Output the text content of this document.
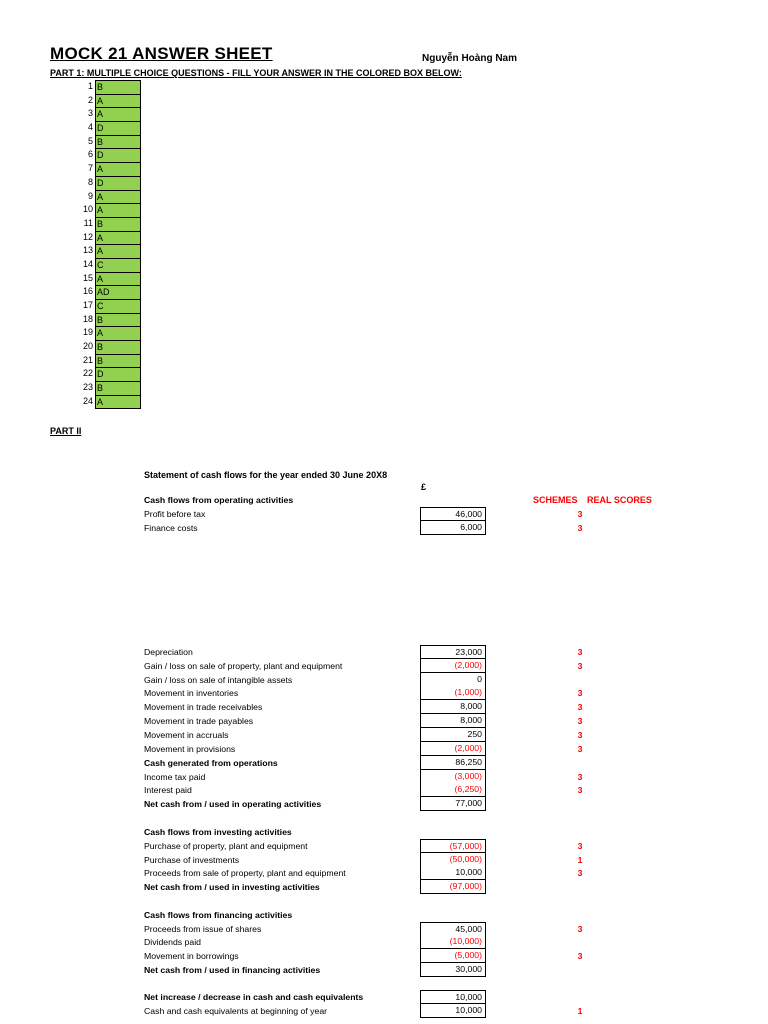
MOCK 21 ANSWER SHEET	Nguyễn Hoàng Nam
PART 1: MULTIPLE CHOICE QUESTIONS - FILL YOUR ANSWER IN THE COLORED BOX BELOW:
1 B
2 A
3 A
4 D
5 B
6 D
7 A
8 D
9 A
10 A
11 B
12 A
13 A
14 C
15 A
16 AD
17 C
18 B
19 A
20 B
21 B
22 D
23 B
24 A
PART II
Statement of cash flows for the year ended 30 June 20X8
£
SCHEMES REAL SCORES
Cash flows from operating activities
Profit before tax	46,000	3
Finance costs	6,000	3
Depreciation	23,000	3
Gain / loss on sale of property, plant and equipment	(2,000)	3
Gain / loss on sale of intangible assets	0
Movement in inventories	(1,000)	3
Movement in trade receivables	8,000	3
Movement in trade payables	8,000	3
Movement in accruals	250	3
Movement in provisions	(2,000)	3
Cash generated from operations	86,250
Income tax paid	(3,000)	3
Interest paid	(6,250)	3
Net cash from / used in operating activities	77,000
Cash flows from investing activities
Purchase of property, plant and equipment	(57,000)	3
Purchase of investments	(50,000)	1
Proceeds from sale of property, plant and equipment	10,000	3
Net cash from / used in investing activities	(97,000)
Cash flows from financing activities
Proceeds from issue of shares	45,000	3
Dividends paid	(10,000)
Movement in borrowings	(5,000)	3
Net cash from / used in financing activities	30,000
Net increase / decrease in cash and cash equivalents	10,000
Cash and cash equivalents at beginning of year	10,000	1
